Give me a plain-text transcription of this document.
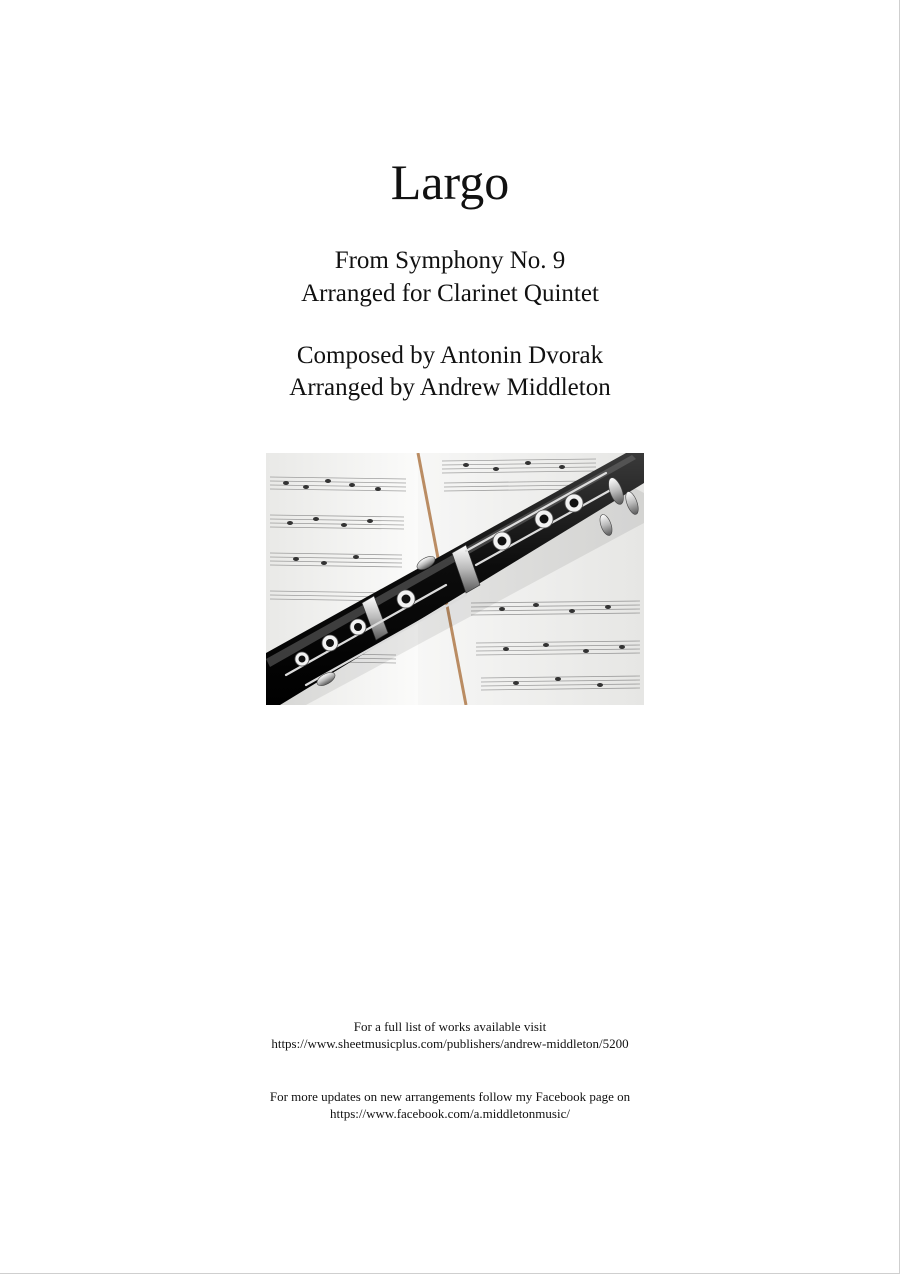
Largo
From Symphony No. 9
Arranged for Clarinet Quintet
Composed by Antonin Dvorak
Arranged by Andrew Middleton
For a full list of works available visit
https://www.sheetmusicplus.com/publishers/andrew-middleton/5200
For more updates on new arrangements follow my Facebook page on
https://www.facebook.com/a.middletonmusic/
